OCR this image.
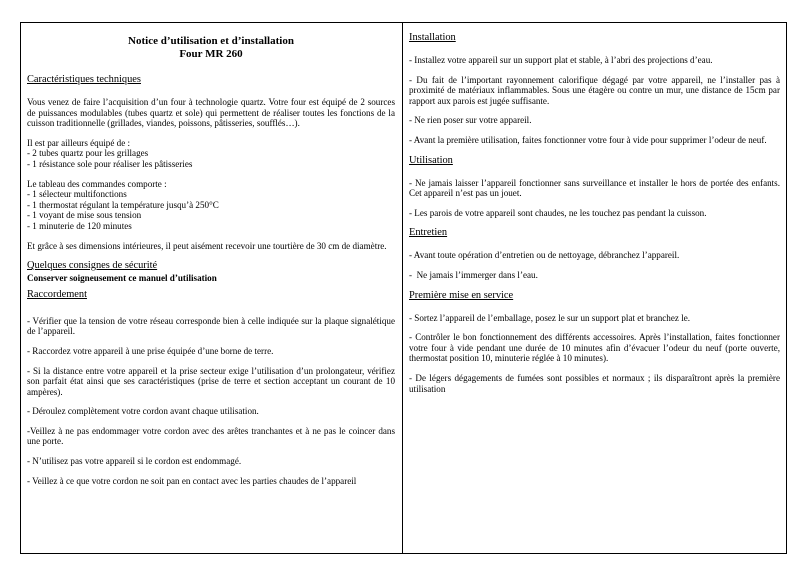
Notice d’utilisation et d’installation
Four MR 260
Caractéristiques techniques

Vous venez de faire l’acquisition d’un four à technologie quartz. Votre four est équipé de 2 sources de puissances modulables (tubes quartz et sole) qui permettent de réaliser toutes les fonctions de la cuisson traditionnelle (grillades, viandes, poissons, pâtisseries, soufflés…).

Il est par ailleurs équipé de :
- 2 tubes quartz pour les grillages
- 1 résistance sole pour réaliser les pâtisseries
Le tableau des commandes comporte :
- 1 sélecteur multifonctions
- 1 thermostat régulant la température jusqu’à 250°C
- 1 voyant de mise sous tension
- 1 minuterie de 120 minutes

Et grâce à ses dimensions intérieures, il peut aisément recevoir une tourtière de 30 cm de diamètre.

Quelques consignes de sécurité
Conserver soigneusement ce manuel d’utilisation
Raccordement

- Vérifier que la tension de votre réseau corresponde bien à celle indiquée sur la plaque signalétique de l’appareil.

- Raccordez votre appareil à une prise équipée d’une borne de terre.

- Si la distance entre votre appareil et la prise secteur exige l’utilisation d’un prolongateur, vérifiez son parfait état ainsi que ses caractéristiques (prise de terre et section acceptant un courant de 10 ampères).

- Déroulez complètement votre cordon avant chaque utilisation.

-Veillez à ne pas endommager votre cordon avec des arêtes tranchantes et à ne pas le coincer dans une porte.

- N’utilisez pas votre appareil si le cordon est endommagé.

- Veillez à ce que votre cordon ne soit pan en contact avec les parties chaudes de l’appareil

Installation

- Installez votre appareil sur un support plat et stable, à l’abri des projections d’eau.

- Du fait de l’important rayonnement calorifique dégagé par votre appareil, ne l’installer pas à proximité de matériaux inflammables. Sous une étagère ou contre un mur, une distance de 15cm par rapport aux parois est jugée suffisante.

- Ne rien poser sur votre appareil.

- Avant la première utilisation, faites fonctionner votre four à vide pour supprimer l’odeur de neuf.

Utilisation

- Ne jamais laisser l’appareil fonctionner sans surveillance et installer le hors de portée des enfants. Cet appareil n’est pas un jouet.

- Les parois de votre appareil sont chaudes, ne les touchez pas pendant la cuisson.

Entretien

- Avant toute opération d’entretien ou de nettoyage, débranchez l’appareil.

-  Ne jamais l’immerger dans l’eau.

Première mise en service

- Sortez l’appareil de l’emballage, posez le sur un support plat et branchez le.

- Contrôler le bon fonctionnement des différents accessoires. Après l’installation, faites fonctionner votre four à vide pendant une durée de 10 minutes afin d’évacuer l’odeur du neuf (porte ouverte, thermostat position 10, minuterie réglée à 10 minutes).

- De légers dégagements de fumées sont possibles et normaux ; ils disparaîtront après la première utilisation
